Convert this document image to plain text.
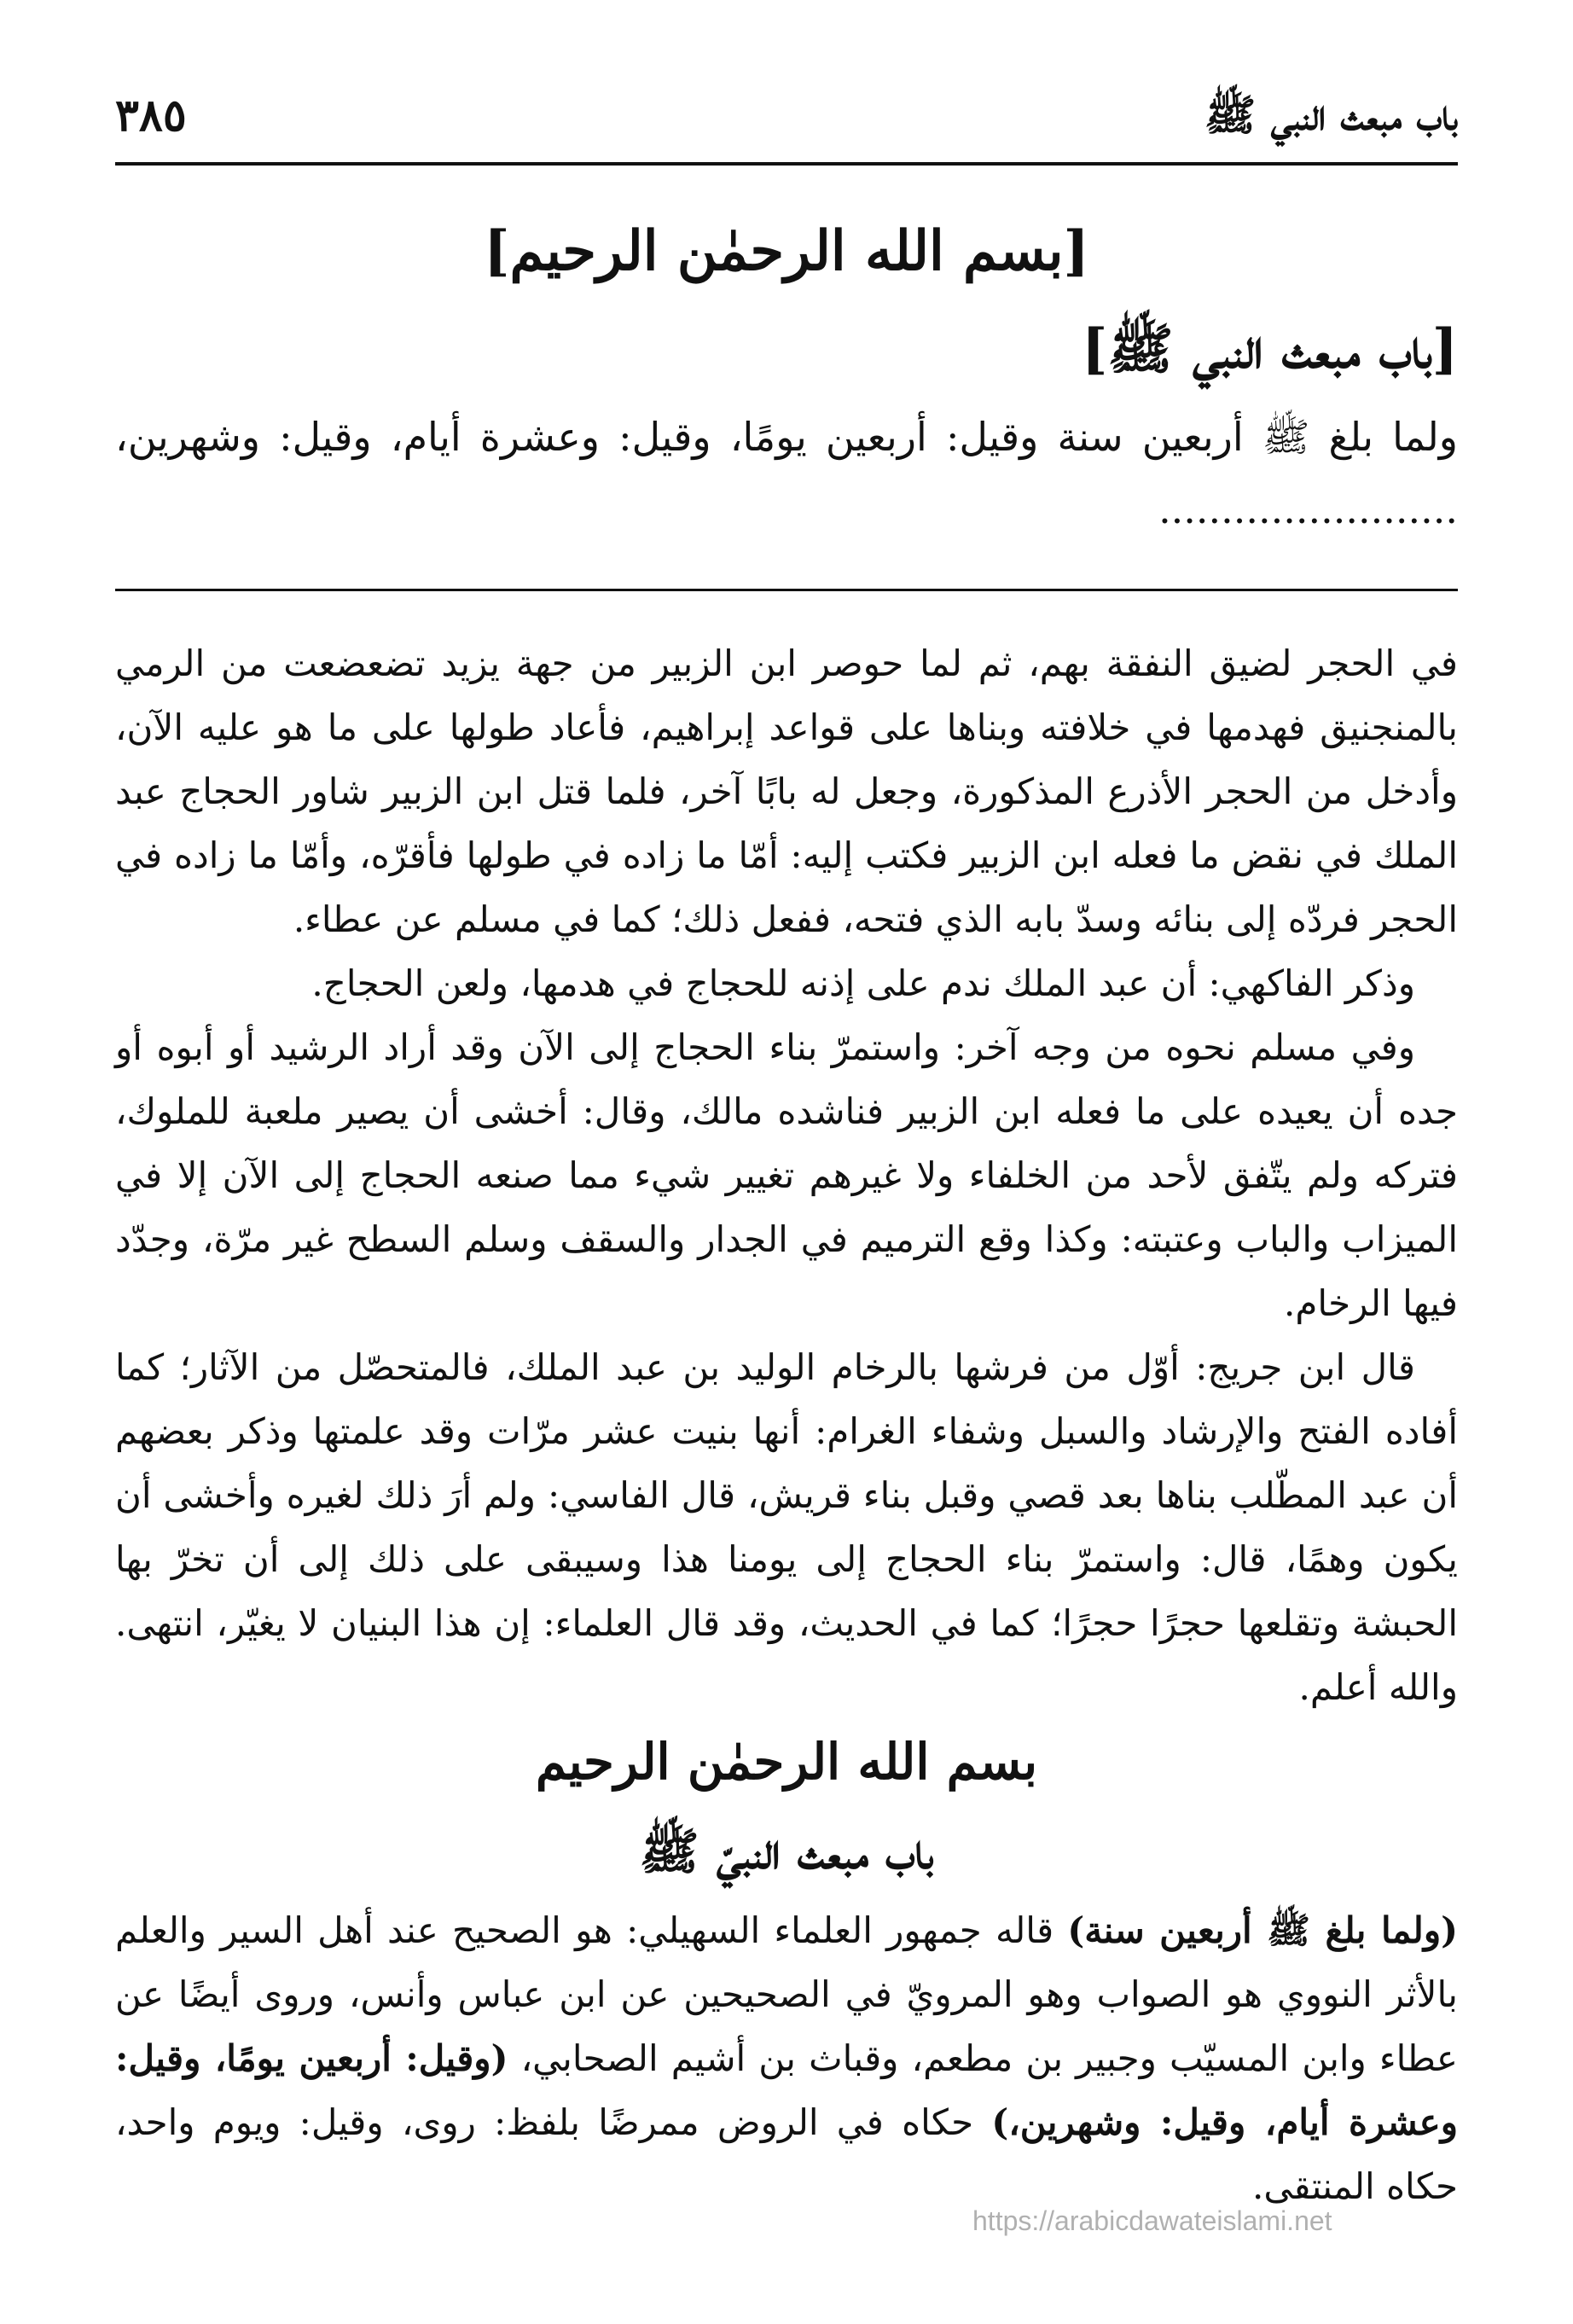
باب مبعث النبي ﷺ
٣٨٥

[بسم الله الرحمٰن الرحيم]

[باب مبعث النبي ﷺ]

ولما بلغ ﷺ أربعين سنة وقيل: أربعين يومًا، وقيل: وعشرة أيام، وقيل: وشهرين، ........................

في الحجر لضيق النفقة بهم، ثم لما حوصر ابن الزبير من جهة يزيد تضعضعت من الرمي بالمنجنيق فهدمها في خلافته وبناها على قواعد إبراهيم، فأعاد طولها على ما هو عليه الآن، وأدخل من الحجر الأذرع المذكورة، وجعل له بابًا آخر، فلما قتل ابن الزبير شاور الحجاج عبد الملك في نقض ما فعله ابن الزبير فكتب إليه: أمّا ما زاده في طولها فأقرّه، وأمّا ما زاده في الحجر فردّه إلى بنائه وسدّ بابه الذي فتحه، ففعل ذلك؛ كما في مسلم عن عطاء.

وذكر الفاكهي: أن عبد الملك ندم على إذنه للحجاج في هدمها، ولعن الحجاج.

وفي مسلم نحوه من وجه آخر: واستمرّ بناء الحجاج إلى الآن وقد أراد الرشيد أو أبوه أو جده أن يعيده على ما فعله ابن الزبير فناشده مالك، وقال: أخشى أن يصير ملعبة للملوك، فتركه ولم يتّفق لأحد من الخلفاء ولا غيرهم تغيير شيء مما صنعه الحجاج إلى الآن إلا في الميزاب والباب وعتبته: وكذا وقع الترميم في الجدار والسقف وسلم السطح غير مرّة، وجدّد فيها الرخام.

قال ابن جريج: أوّل من فرشها بالرخام الوليد بن عبد الملك، فالمتحصّل من الآثار؛ كما أفاده الفتح والإرشاد والسبل وشفاء الغرام: أنها بنيت عشر مرّات وقد علمتها وذكر بعضهم أن عبد المطّلب بناها بعد قصي وقبل بناء قريش، قال الفاسي: ولم أرَ ذلك لغيره وأخشى أن يكون وهمًا، قال: واستمرّ بناء الحجاج إلى يومنا هذا وسيبقى على ذلك إلى أن تخرّ بها الحبشة وتقلعها حجرًا حجرًا؛ كما في الحديث، وقد قال العلماء: إن هذا البنيان لا يغيّر، انتهى. والله أعلم.

بسم الله الرحمٰن الرحيم

باب مبعث النبيّ ﷺ

(ولما بلغ ﷺ أربعين سنة) قاله جمهور العلماء السهيلي: هو الصحيح عند أهل السير والعلم بالأثر النووي هو الصواب وهو المرويّ في الصحيحين عن ابن عباس وأنس، وروى أيضًا عن عطاء وابن المسيّب وجبير بن مطعم، وقباث بن أشيم الصحابي، (وقيل: أربعين يومًا، وقيل: وعشرة أيام، وقيل: وشهرين،) حكاه في الروض ممرضًا بلفظ: روى، وقيل: ويوم واحد، حكاه المنتقى.

https://arabicdawateislami.net
